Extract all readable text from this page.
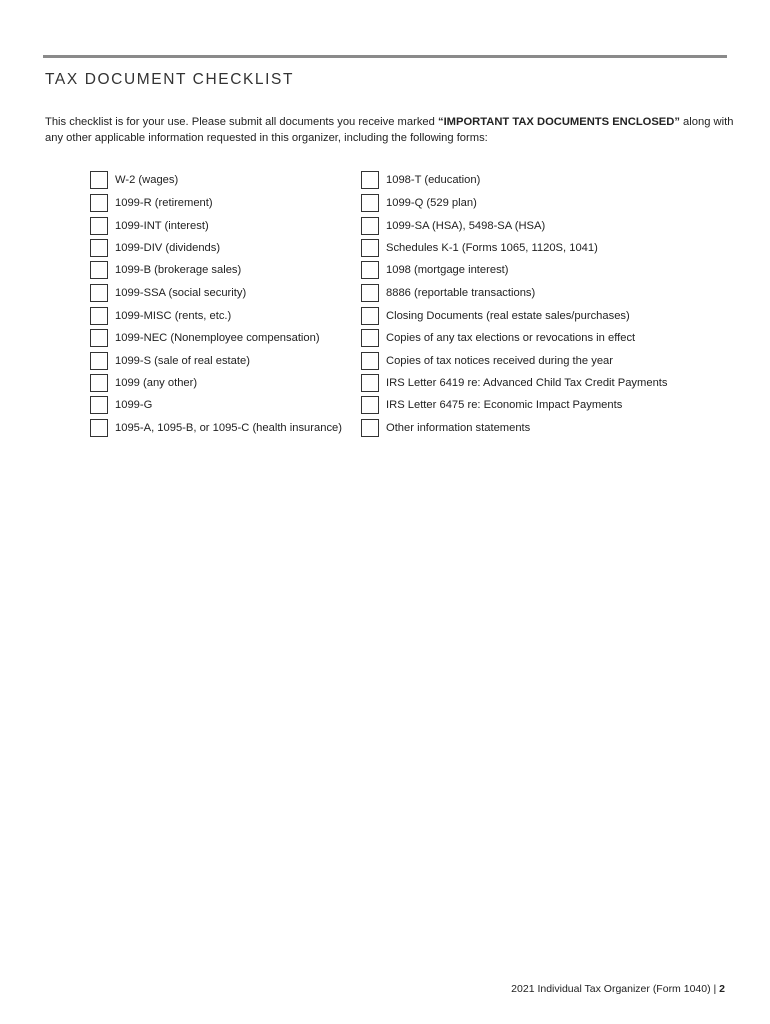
TAX DOCUMENT CHECKLIST
This checklist is for your use. Please submit all documents you receive marked “IMPORTANT TAX DOCUMENTS ENCLOSED” along with any other applicable information requested in this organizer, including the following forms:
W-2 (wages)
1099-R (retirement)
1099-INT (interest)
1099-DIV (dividends)
1099-B (brokerage sales)
1099-SSA (social security)
1099-MISC (rents, etc.)
1099-NEC (Nonemployee compensation)
1099-S (sale of real estate)
1099 (any other)
1099-G
1095-A, 1095-B, or 1095-C (health insurance)
1098-T (education)
1099-Q (529 plan)
1099-SA (HSA), 5498-SA (HSA)
Schedules K-1 (Forms 1065, 1120S, 1041)
1098 (mortgage interest)
8886 (reportable transactions)
Closing Documents (real estate sales/purchases)
Copies of any tax elections or revocations in effect
Copies of tax notices received during the year
IRS Letter 6419 re: Advanced Child Tax Credit Payments
IRS Letter 6475 re: Economic Impact Payments
Other information statements
2021 Individual Tax Organizer (Form 1040) | 2
